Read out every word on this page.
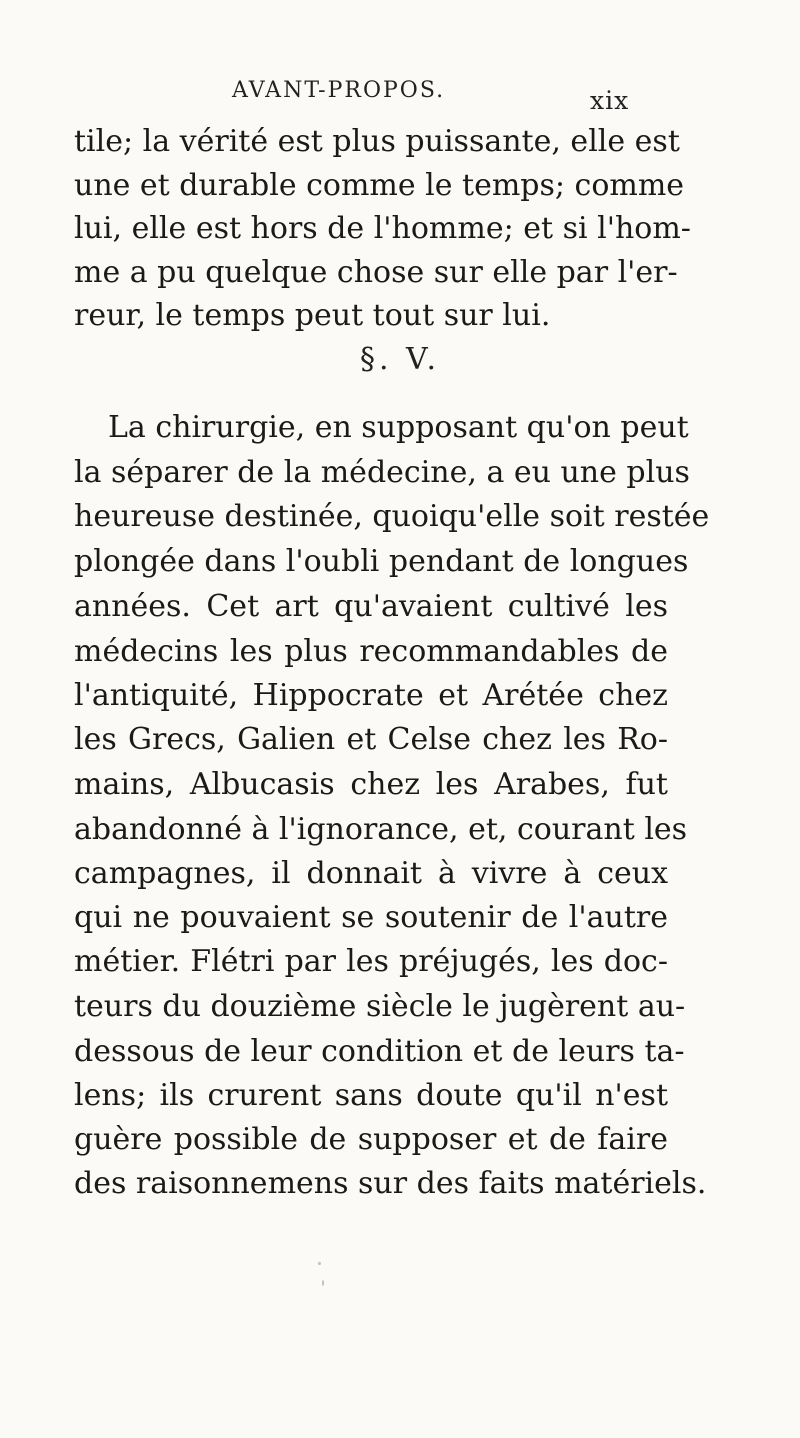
AVANT-PROPOS.	xix
tile; la vérité est plus puissante, elle est
une et durable comme le temps; comme
lui, elle est hors de l'homme; et si l'hom-
me a pu quelque chose sur elle par l'er-
reur, le temps peut tout sur lui.
§. V.
La chirurgie, en supposant qu'on peut
la séparer de la médecine, a eu une plus
heureuse destinée, quoiqu'elle soit restée
plongée dans l'oubli pendant de longues
années. Cet art qu'avaient cultivé les
médecins les plus recommandables de
l'antiquité, Hippocrate et Arétée chez
les Grecs, Galien et Celse chez les Ro-
mains, Albucasis chez les Arabes, fut
abandonné à l'ignorance, et, courant les
campagnes, il donnait à vivre à ceux
qui ne pouvaient se soutenir de l'autre
métier. Flétri par les préjugés, les doc-
teurs du douzième siècle le jugèrent au-
dessous de leur condition et de leurs ta-
lens; ils crurent sans doute qu'il n'est
guère possible de supposer et de faire
des raisonnemens sur des faits matériels.
